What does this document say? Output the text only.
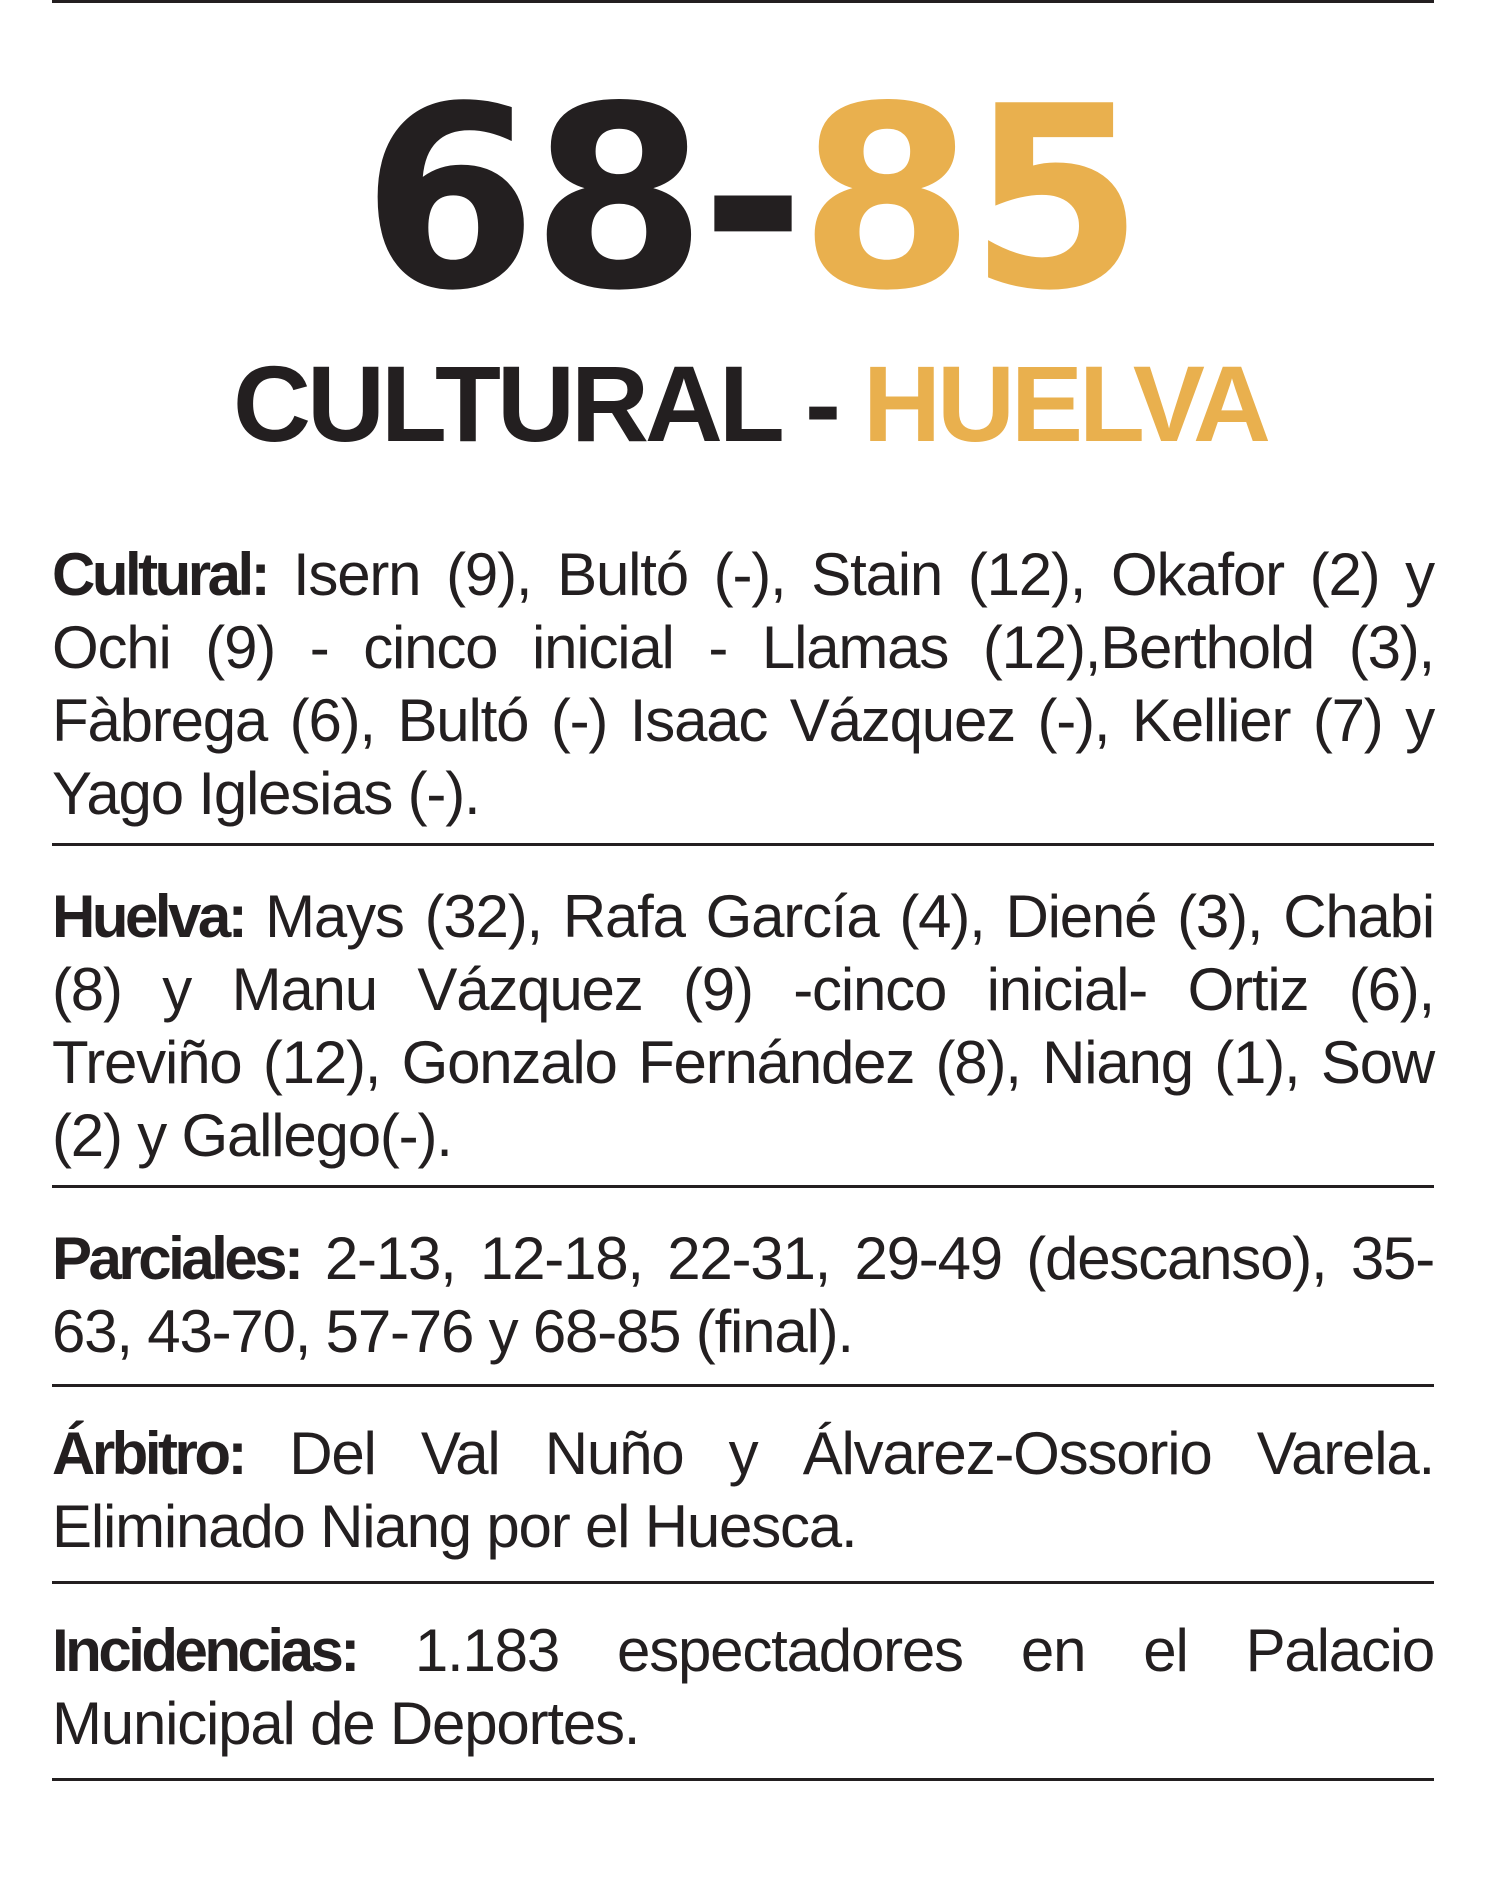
68-85
CULTURAL - HUELVA

Cultural: Isern (9), Bultó (-), Stain (12), Okafor (2) y Ochi (9) - cinco inicial - Llamas (12),Berthold (3), Fàbrega (6), Bultó (-) Isaac Vázquez (-), Kellier (7) y Yago Iglesias (-).

Huelva: Mays (32), Rafa García (4), Diené (3), Chabi (8) y Manu Vázquez (9) -cinco inicial- Ortiz (6), Treviño (12), Gonzalo Fernández (8), Niang (1), Sow (2) y Gallego(-).

Parciales: 2-13, 12-18, 22-31, 29-49 (descanso), 35-63, 43-70, 57-76 y 68-85 (final).

Árbitro: Del Val Nuño y Álvarez-Ossorio Varela. Eliminado Niang por el Huesca.

Incidencias: 1.183 espectadores en el Palacio Municipal de Deportes.
